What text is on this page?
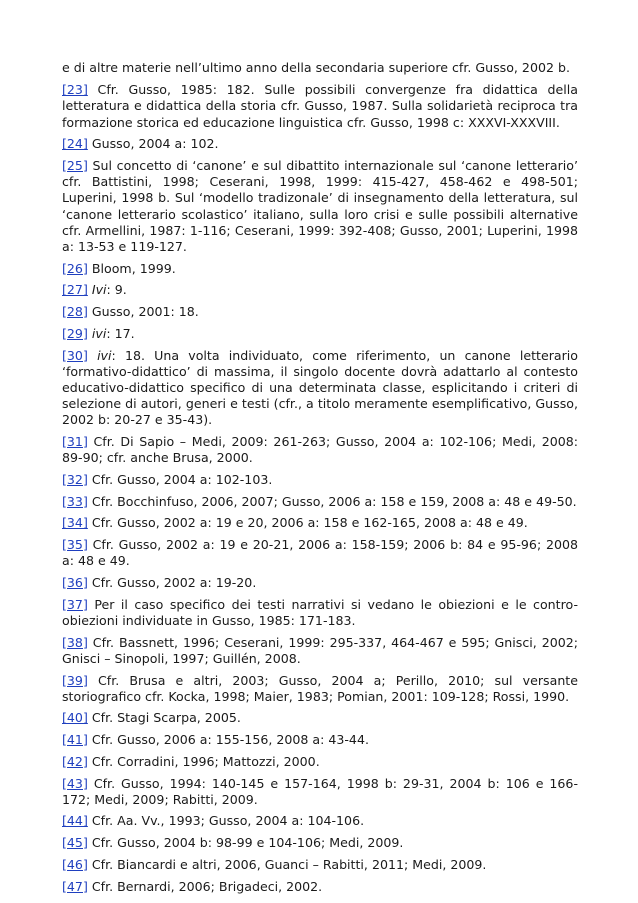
e di altre materie nell’ultimo anno della secondaria superiore cfr. Gusso, 2002 b.

[23] Cfr. Gusso, 1985: 182. Sulle possibili convergenze fra didattica della letteratura e didattica della storia cfr. Gusso, 1987. Sulla solidarietà reciproca tra formazione storica ed educazione linguistica cfr. Gusso, 1998 c: XXXVI-XXXVIII.

[24] Gusso, 2004 a: 102.

[25] Sul concetto di ‘canone’ e sul dibattito internazionale sul ‘canone letterario’ cfr. Battistini, 1998; Ceserani, 1998, 1999: 415-427, 458-462 e 498-501; Luperini, 1998 b. Sul ‘modello tradizonale’ di insegnamento della letteratura, sul ‘canone letterario scolastico’ italiano, sulla loro crisi e sulle possibili alternative cfr. Armellini, 1987: 1-116; Ceserani, 1999: 392-408; Gusso, 2001; Luperini, 1998 a: 13-53 e 119-127.

[26] Bloom, 1999.

[27] Ivi: 9.

[28] Gusso, 2001: 18.

[29] ivi: 17.

[30] ivi: 18. Una volta individuato, come riferimento, un canone letterario ‘formativo-didattico’ di massima, il singolo docente dovrà adattarlo al contesto educativo-didattico specifico di una determinata classe, esplicitando i criteri di selezione di autori, generi e testi (cfr., a titolo meramente esemplificativo, Gusso, 2002 b: 20-27 e 35-43).

[31] Cfr. Di Sapio – Medi, 2009: 261-263; Gusso, 2004 a: 102-106; Medi, 2008: 89-90; cfr. anche Brusa, 2000.

[32] Cfr. Gusso, 2004 a: 102-103.

[33] Cfr. Bocchinfuso, 2006, 2007; Gusso, 2006 a: 158 e 159, 2008 a: 48 e 49-50.

[34] Cfr. Gusso, 2002 a: 19 e 20, 2006 a: 158 e 162-165, 2008 a: 48 e 49.

[35] Cfr. Gusso, 2002 a: 19 e 20-21, 2006 a: 158-159; 2006 b: 84 e 95-96; 2008 a: 48 e 49.

[36] Cfr. Gusso, 2002 a: 19-20.

[37] Per il caso specifico dei testi narrativi si vedano le obiezioni e le contro-obiezioni individuate in Gusso, 1985: 171-183.

[38] Cfr. Bassnett, 1996; Ceserani, 1999: 295-337, 464-467 e 595; Gnisci, 2002; Gnisci – Sinopoli, 1997; Guillén, 2008.

[39] Cfr. Brusa e altri, 2003; Gusso, 2004 a; Perillo, 2010; sul versante storiografico cfr. Kocka, 1998; Maier, 1983; Pomian, 2001: 109-128; Rossi, 1990.

[40] Cfr. Stagi Scarpa, 2005.

[41] Cfr. Gusso, 2006 a: 155-156, 2008 a: 43-44.

[42] Cfr. Corradini, 1996; Mattozzi, 2000.

[43] Cfr. Gusso, 1994: 140-145 e 157-164, 1998 b: 29-31, 2004 b: 106 e 166-172; Medi, 2009; Rabitti, 2009.

[44] Cfr. Aa. Vv., 1993; Gusso, 2004 a: 104-106.

[45] Cfr. Gusso, 2004 b: 98-99 e 104-106; Medi, 2009.

[46] Cfr. Biancardi e altri, 2006, Guanci – Rabitti, 2011; Medi, 2009.

[47] Cfr. Bernardi, 2006; Brigadeci, 2002.
